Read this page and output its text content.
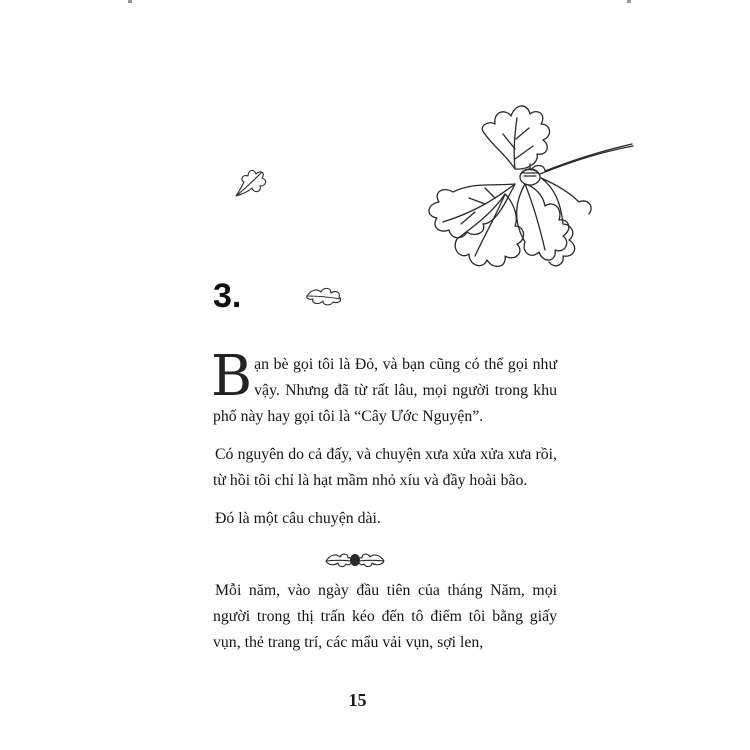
3.

Bạn bè gọi tôi là Đỏ, và bạn cũng có thể gọi như vậy. Nhưng đã từ rất lâu, mọi người trong khu phố này hay gọi tôi là “Cây Ước Nguyện”.

Có nguyên do cả đấy, và chuyện xưa xửa xửa xưa rồi, từ hồi tôi chỉ là hạt mầm nhỏ xíu và đầy hoài bão.

Đó là một câu chuyện dài.

Mỗi năm, vào ngày đầu tiên của tháng Năm, mọi người trong thị trấn kéo đến tô điểm tôi bằng giấy vụn, thẻ trang trí, các mẩu vải vụn, sợi len,

15
